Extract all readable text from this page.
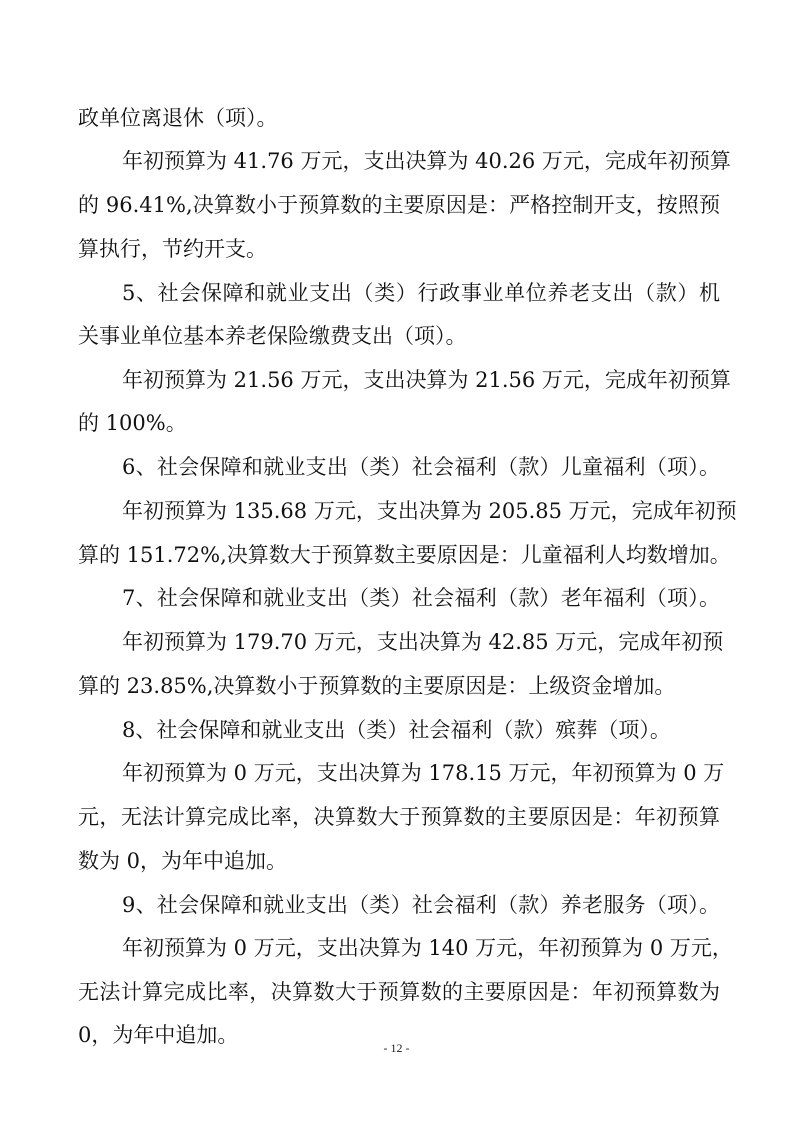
政单位离退休（项）。
年初预算为 41.76 万元，支出决算为 40.26 万元，完成年初预算
的 96.41%,决算数小于预算数的主要原因是：严格控制开支，按照预
算执行，节约开支。
5、社会保障和就业支出（类）行政事业单位养老支出（款）机
关事业单位基本养老保险缴费支出（项）。
年初预算为 21.56 万元，支出决算为 21.56 万元，完成年初预算
的 100%。
6、社会保障和就业支出（类）社会福利（款）儿童福利（项）。
年初预算为 135.68 万元，支出决算为 205.85 万元，完成年初预
算的 151.72%,决算数大于预算数主要原因是：儿童福利人均数增加。
7、社会保障和就业支出（类）社会福利（款）老年福利（项）。
年初预算为 179.70 万元，支出决算为 42.85 万元，完成年初预
算的 23.85%,决算数小于预算数的主要原因是：上级资金增加。
8、社会保障和就业支出（类）社会福利（款）殡葬（项）。
年初预算为 0 万元，支出决算为 178.15 万元，年初预算为 0 万
元，无法计算完成比率，决算数大于预算数的主要原因是：年初预算
数为 0，为年中追加。
9、社会保障和就业支出（类）社会福利（款）养老服务（项）。
年初预算为 0 万元，支出决算为 140 万元，年初预算为 0 万元，
无法计算完成比率，决算数大于预算数的主要原因是：年初预算数为
0，为年中追加。
- 12 -
